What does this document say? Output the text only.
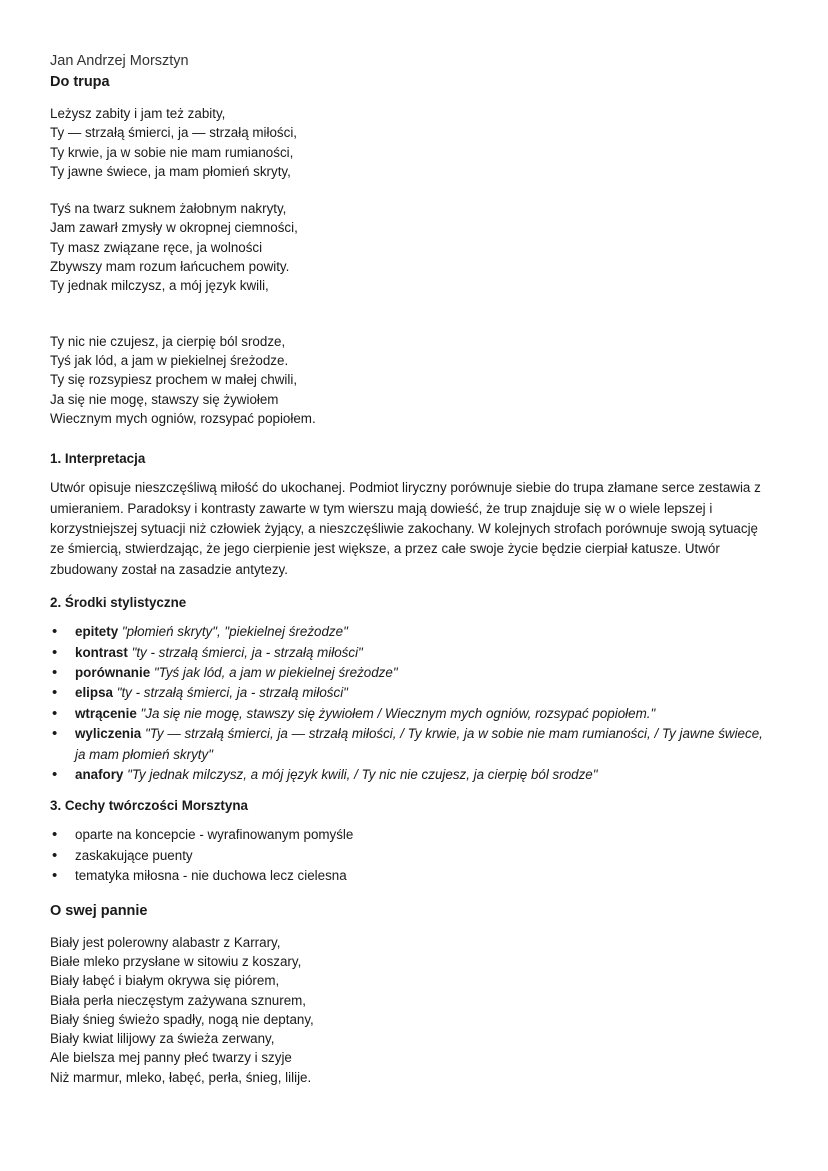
Jan Andrzej Morsztyn

Do trupa

Leżysz zabity i jam też zabity,
Ty — strzałą śmierci, ja — strzałą miłości,
Ty krwie, ja w sobie nie mam rumianości,
Ty jawne świece, ja mam płomień skryty,
Tyś na twarz suknem żałobnym nakryty,
Jam zawarł zmysły w okropnej ciemności,
Ty masz związane ręce, ja wolności
Zbywszy mam rozum łańcuchem powity.
Ty jednak milczysz, a mój język kwili,
Ty nic nie czujesz, ja cierpię ból srodze,
Tyś jak lód, a jam w piekielnej śreżodze.
Ty się rozsypiesz prochem w małej chwili,
Ja się nie mogę, stawszy się żywiołem
Wiecznym mych ogniów, rozsypać popiołem.

1. Interpretacja

Utwór opisuje nieszczęśliwą miłość do ukochanej. Podmiot liryczny porównuje siebie do trupa złamane serce zestawia z umieraniem. Paradoksy i kontrasty zawarte w tym wierszu mają dowieść, że trup znajduje się w o wiele lepszej i korzystniejszej sytuacji niż człowiek żyjący, a nieszczęśliwie zakochany. W kolejnych strofach porównuje swoją sytuację ze śmiercią, stwierdzając, że jego cierpienie jest większe, a przez całe swoje życie będzie cierpiał katusze. Utwór zbudowany został na zasadzie antytezy.

2. Środki stylistyczne

• epitety "płomień skryty", "piekielnej śreżodze"
• kontrast "ty - strzałą śmierci, ja - strzałą miłości"
• porównanie "Tyś jak lód, a jam w piekielnej śreżodze"
• elipsa "ty - strzałą śmierci, ja - strzałą miłości"
• wtrącenie "Ja się nie mogę, stawszy się żywiołem / Wiecznym mych ogniów, rozsypać popiołem."
• wyliczenia "Ty — strzałą śmierci, ja — strzałą miłości, / Ty krwie, ja w sobie nie mam rumianości, / Ty jawne świece, ja mam płomień skryty"
• anafory "Ty jednak milczysz, a mój język kwili, / Ty nic nie czujesz, ja cierpię ból srodze"

3. Cechy twórczości Morsztyna

• oparte na koncepcie - wyrafinowanym pomyśle
• zaskakujące puenty
• tematyka miłosna - nie duchowa lecz cielesna

O swej pannie

Biały jest polerowny alabastr z Karrary,
Białe mleko przysłane w sitowiu z koszary,
Biały łabęć i białym okrywa się piórem,
Biała perła nieczęstym zażywana sznurem,
Biały śnieg świeżo spadły, nogą nie deptany,
Biały kwiat lilijowy za świeża zerwany,
Ale bielsza mej panny płeć twarzy i szyje
Niż marmur, mleko, łabęć, perła, śnieg, lilije.
